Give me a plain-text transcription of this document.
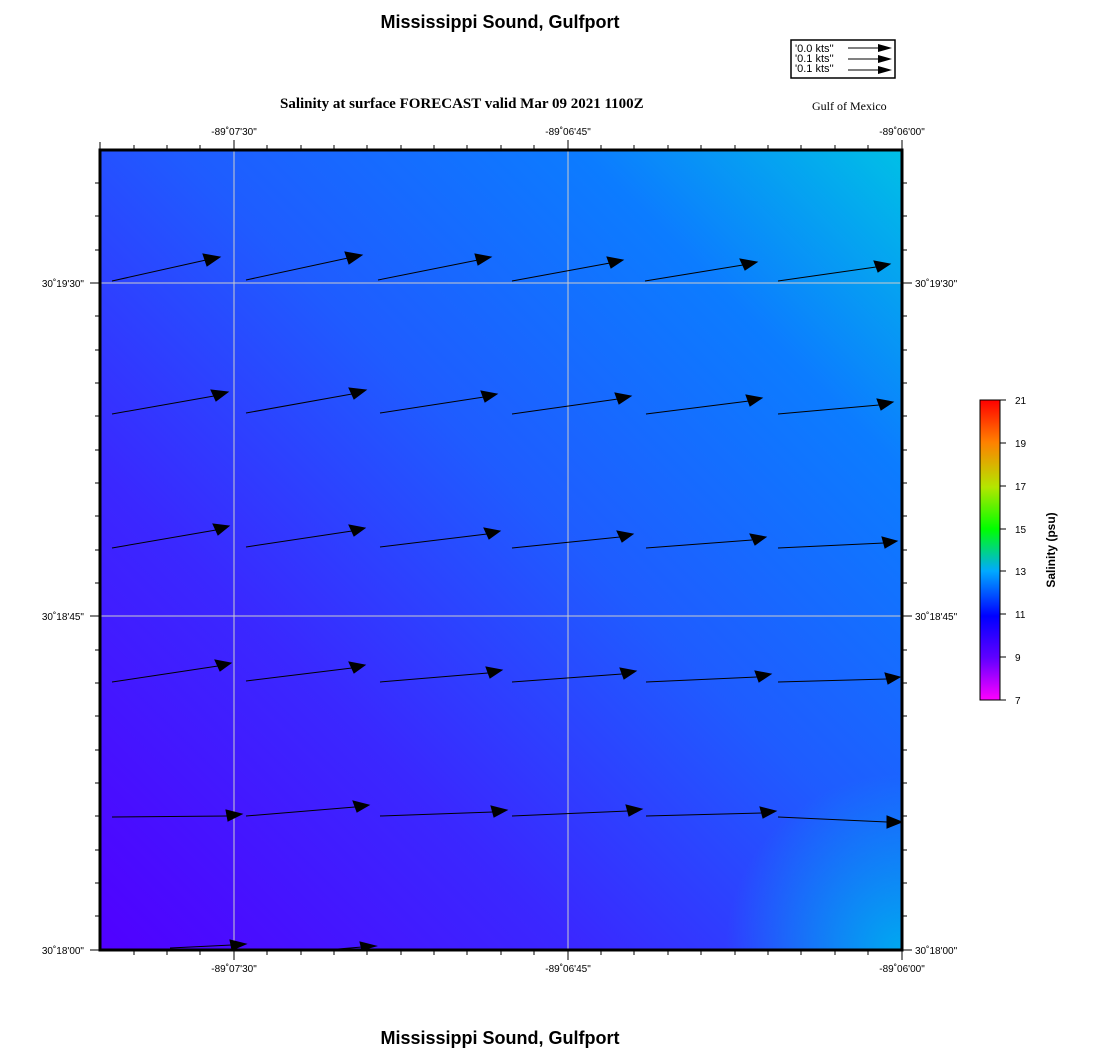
Mississippi Sound, Gulfport
'0.0 kts''
'0.1 kts''
'0.1 kts''
Salinity at surface FORECAST valid Mar 09 2021 1100Z	Gulf of Mexico
-89˚07'30"	-89˚06'45"	-89˚06'00"
-89˚07'30"	-89˚06'45"	-89˚06'00"
30˚19'30"
30˚18'45"
30˚18'00"
30˚19'30"
30˚18'45"
30˚18'00"
21
19
17
15
13
11
9
7
Salinity (psu)
Mississippi Sound, Gulfport
